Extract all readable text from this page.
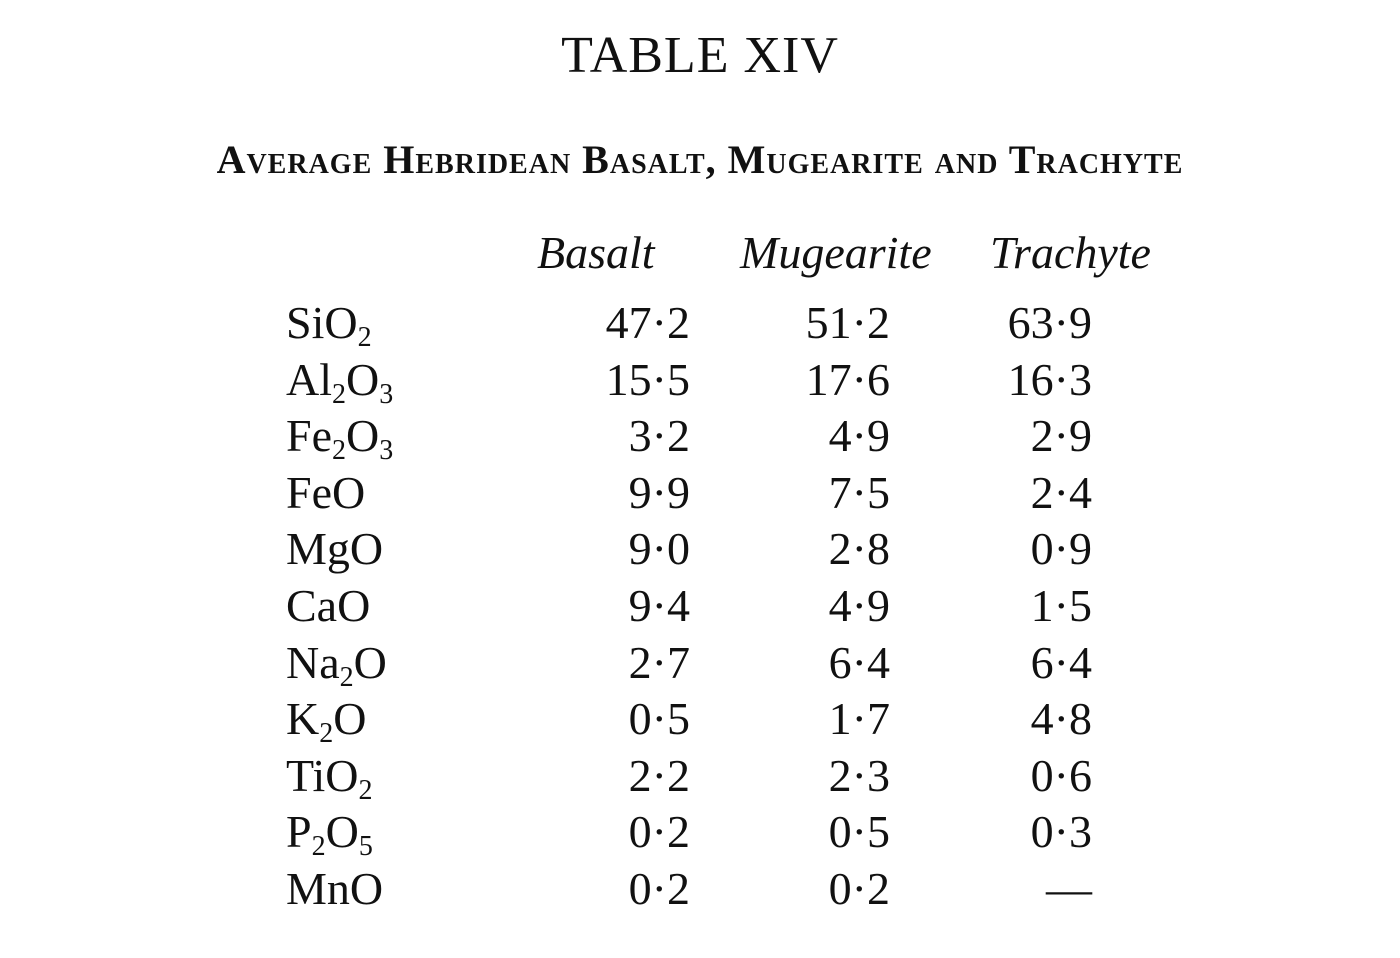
TABLE XIV
Average Hebridean Basalt, Mugearite and Trachyte
Basalt Mugearite Trachyte
SiO$_2$	47·2	51·2	63·9
$Al_2O_3$	15·5	17·6	16·3
$Fe_2O_3$	3·2	4·9	2·9
FeO	9·9	7·5	2·4
MgO	9·0	2·8	0·9
CaO	9·4	4·9	1·5
$Na_2O$	2·7	6·4	6·4
$K_2O$	0·5	1·7	4·8
TiO$_2$	2·2	2·3	0·6
$P_2O_5$	0·2	0·5	0·3
MnO	0·2	0·2	—
